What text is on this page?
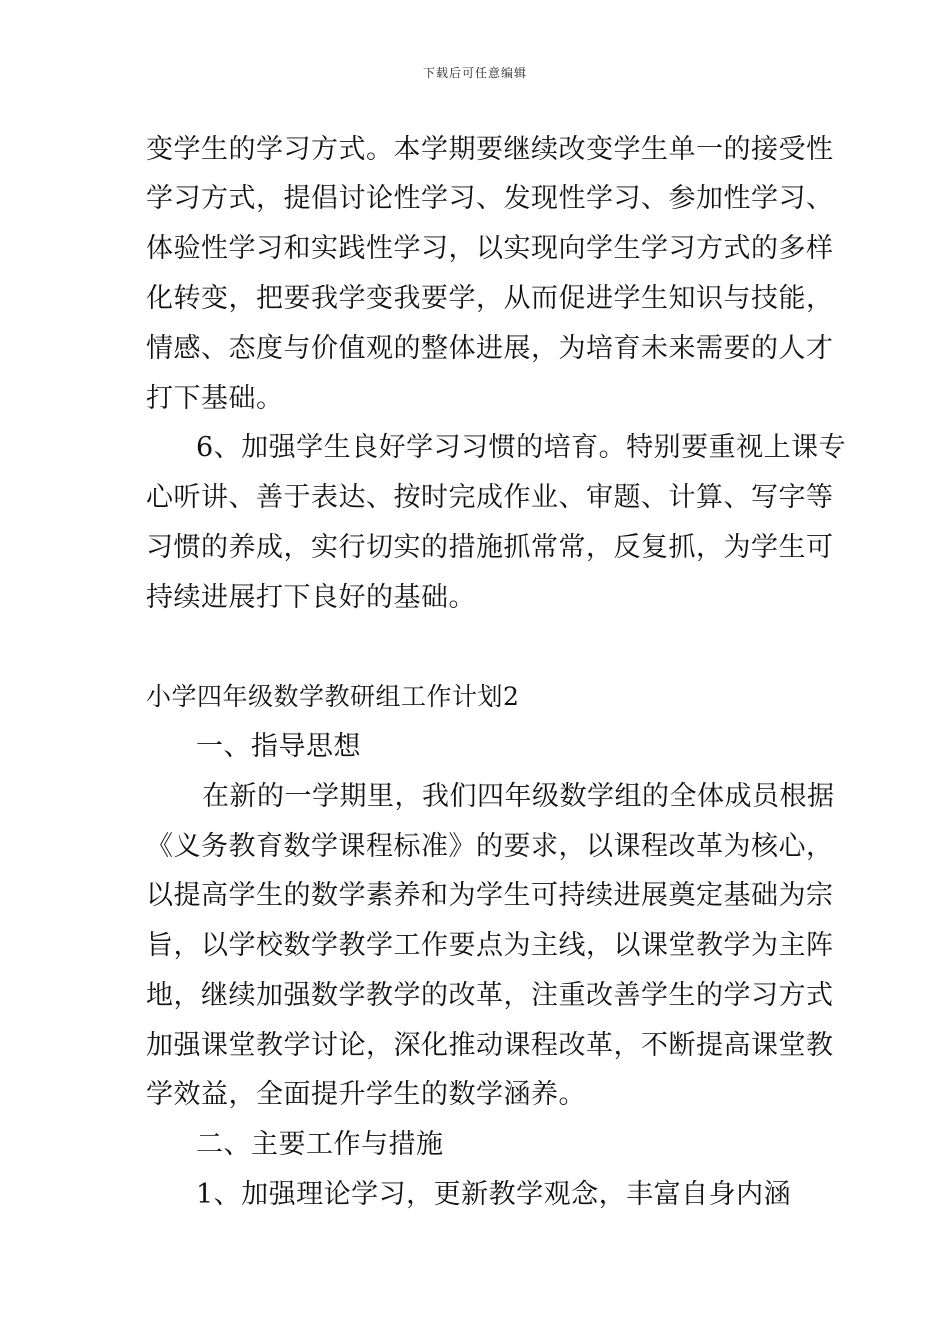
下载后可任意编辑
变学生的学习方式。本学期要继续改变学生单一的接受性
学习方式，提倡讨论性学习、发现性学习、参加性学习、
体验性学习和实践性学习，以实现向学生学习方式的多样
化转变，把要我学变我要学，从而促进学生知识与技能，
情感、态度与价值观的整体进展，为培育未来需要的人才
打下基础。
6、加强学生良好学习习惯的培育。特别要重视上课专
心听讲、善于表达、按时完成作业、审题、计算、写字等
习惯的养成，实行切实的措施抓常常，反复抓，为学生可
持续进展打下良好的基础。
小学四年级数学教研组工作计划2
一、指导思想
在新的一学期里，我们四年级数学组的全体成员根据
《义务教育数学课程标准》的要求，以课程改革为核心，
以提高学生的数学素养和为学生可持续进展奠定基础为宗
旨，以学校数学教学工作要点为主线，以课堂教学为主阵
地，继续加强数学教学的改革，注重改善学生的学习方式
加强课堂教学讨论，深化推动课程改革，不断提高课堂教
学效益，全面提升学生的数学涵养。
二、主要工作与措施
1、加强理论学习，更新教学观念，丰富自身内涵
